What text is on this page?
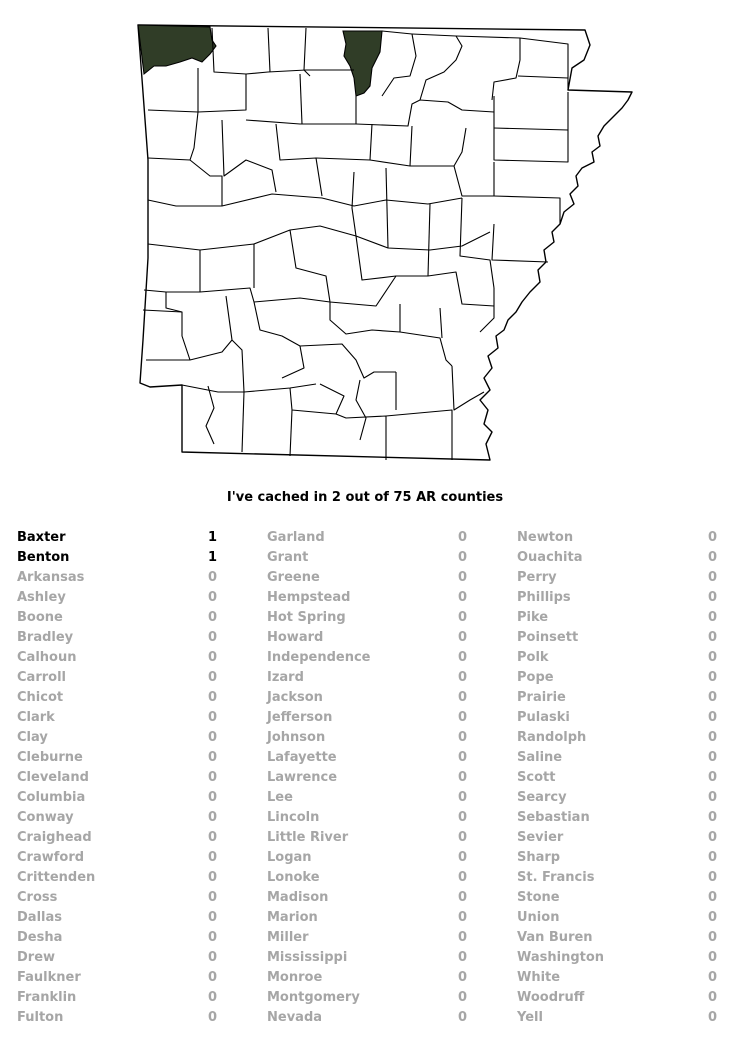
I've cached in 2 out of 75 AR counties
Baxter	1
Benton	1
Arkansas	0
Ashley	0
Boone	0
Bradley	0
Calhoun	0
Carroll	0
Chicot	0
Clark	0
Clay	0
Cleburne	0
Cleveland	0
Columbia	0
Conway	0
Craighead	0
Crawford	0
Crittenden	0
Cross	0
Dallas	0
Desha	0
Drew	0
Faulkner	0
Franklin	0
Fulton	0
Garland	0
Grant	0
Greene	0
Hempstead	0
Hot Spring	0
Howard	0
Independence	0
Izard	0
Jackson	0
Jefferson	0
Johnson	0
Lafayette	0
Lawrence	0
Lee	0
Lincoln	0
Little River	0
Logan	0
Lonoke	0
Madison	0
Marion	0
Miller	0
Mississippi	0
Monroe	0
Montgomery	0
Nevada	0
Newton	0
Ouachita	0
Perry	0
Phillips	0
Pike	0
Poinsett	0
Polk	0
Pope	0
Prairie	0
Pulaski	0
Randolph	0
Saline	0
Scott	0
Searcy	0
Sebastian	0
Sevier	0
Sharp	0
St. Francis	0
Stone	0
Union	0
Van Buren	0
Washington	0
White	0
Woodruff	0
Yell	0
